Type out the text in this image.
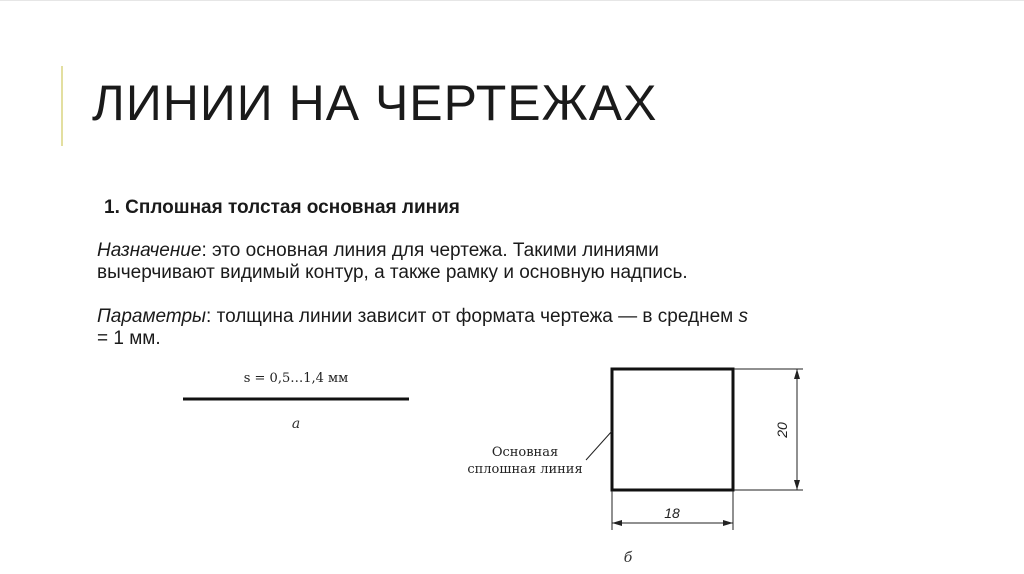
ЛИНИИ НА ЧЕРТЕЖАХ
1. Сплошная толстая основная линия
Назначение: это основная линия для чертежа. Такими линиями
вычерчивают видимый контур, а также рамку и основную надпись.
Параметры: толщина линии зависит от формата чертежа — в среднем s
= 1 мм.
s = 0,5…1,4 мм
а	20
18
Основная
сплошная линия
б
